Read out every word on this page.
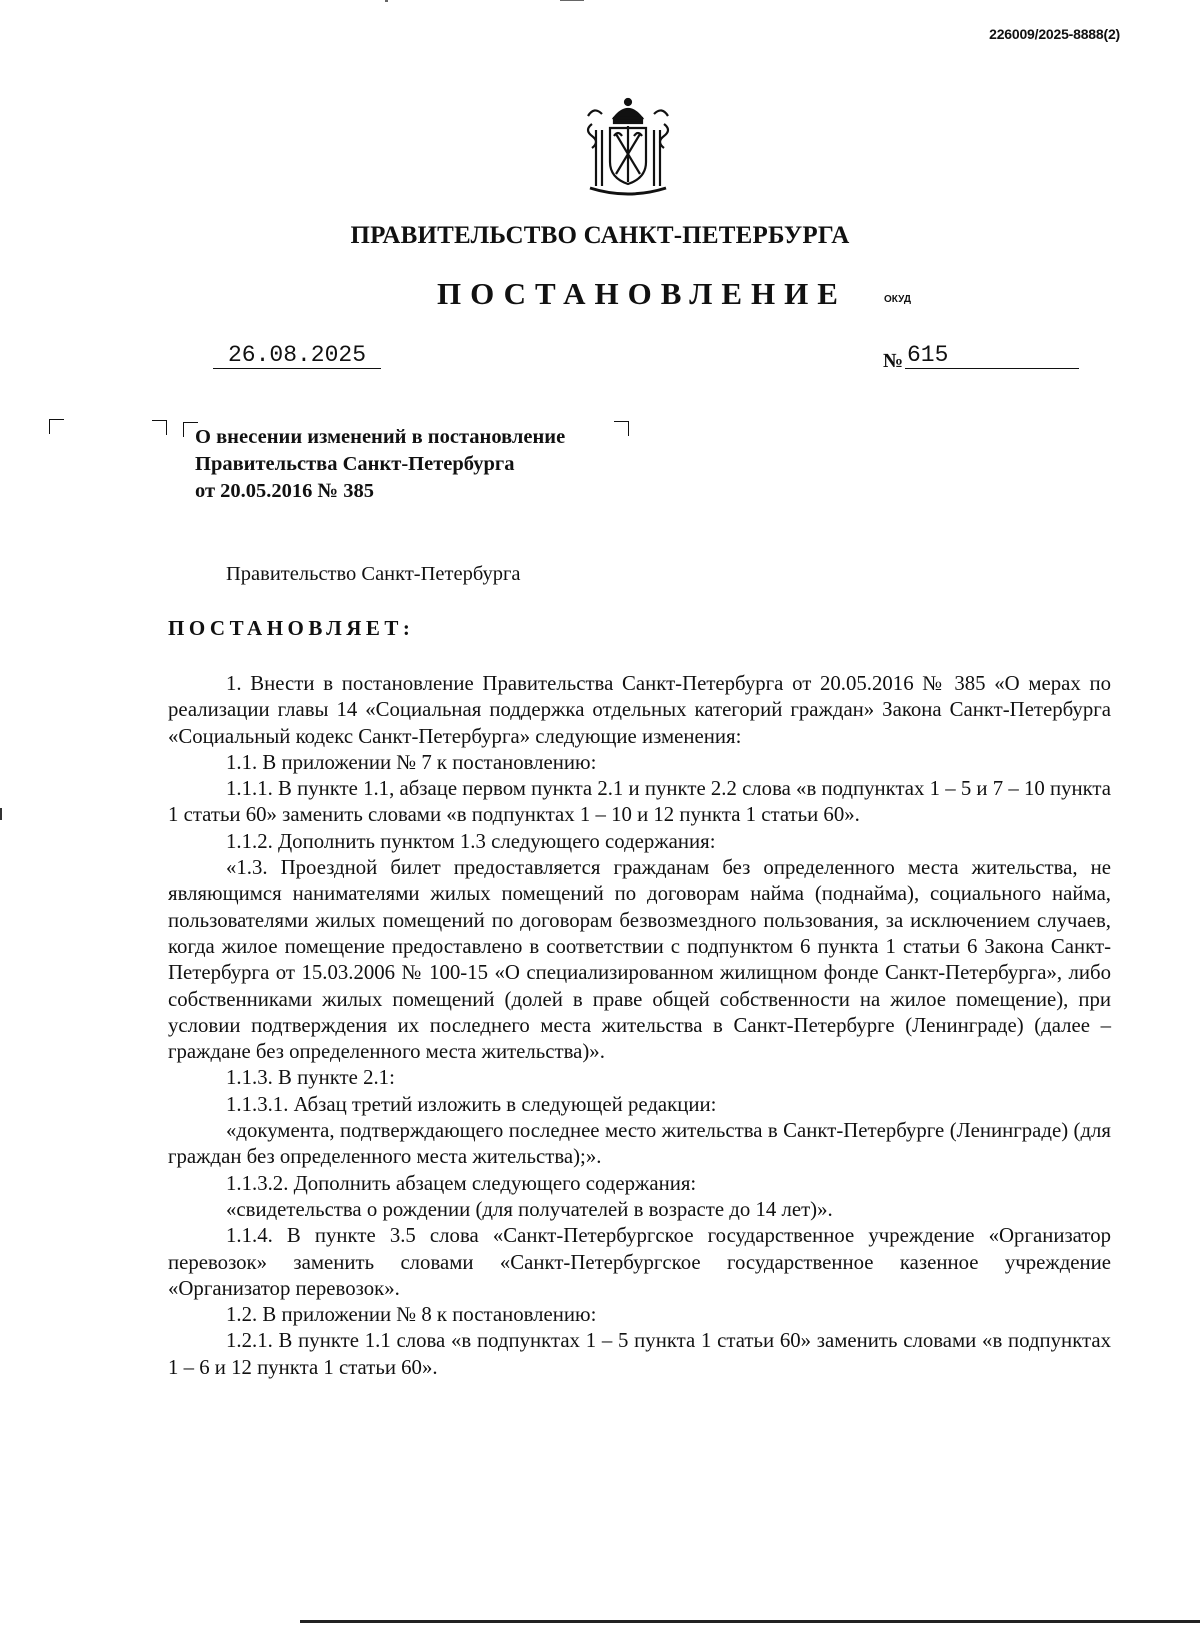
226009/2025-8888(2)
ПРАВИТЕЛЬСТВО САНКТ-ПЕТЕРБУРГА
ПОСТАНОВЛЕНИЕ	ОКУД
26.08.2025	№ 615
О внесении изменений в постановление
Правительства Санкт-Петербурга
от 20.05.2016 № 385
Правительство Санкт-Петербурга
ПОСТАНОВЛЯЕТ:

1. Внести в постановление Правительства Санкт-Петербурга от 20.05.2016 № 385 «О мерах по реализации главы 14 «Социальная поддержка отдельных категорий граждан» Закона Санкт-Петербурга «Социальный кодекс Санкт-Петербурга» следующие изменения:

1.1. В приложении № 7 к постановлению:

1.1.1. В пункте 1.1, абзаце первом пункта 2.1 и пункте 2.2 слова «в подпунктах 1 – 5 и 7 – 10 пункта 1 статьи 60» заменить словами «в подпунктах 1 – 10 и 12 пункта 1 статьи 60».

1.1.2. Дополнить пунктом 1.3 следующего содержания:

«1.3. Проездной билет предоставляется гражданам без определенного места жительства, не являющимся нанимателями жилых помещений по договорам найма (поднайма), социального найма, пользователями жилых помещений по договорам безвозмездного пользования, за исключением случаев, когда жилое помещение предоставлено в соответствии с подпунктом 6 пункта 1 статьи 6 Закона Санкт-Петербурга от 15.03.2006 № 100-15 «О специализированном жилищном фонде Санкт-Петербурга», либо собственниками жилых помещений (долей в праве общей собственности на жилое помещение), при условии подтверждения их последнего места жительства в Санкт-Петербурге (Ленинграде) (далее – граждане без определенного места жительства)».

1.1.3. В пункте 2.1:

1.1.3.1. Абзац третий изложить в следующей редакции:

«документа, подтверждающего последнее место жительства в Санкт-Петербурге (Ленинграде) (для граждан без определенного места жительства);».

1.1.3.2. Дополнить абзацем следующего содержания:

«свидетельства о рождении (для получателей в возрасте до 14 лет)».

1.1.4. В пункте 3.5 слова «Санкт-Петербургское государственное учреждение «Организатор перевозок» заменить словами «Санкт-Петербургское государственное казенное учреждение «Организатор перевозок».

1.2. В приложении № 8 к постановлению:

1.2.1. В пункте 1.1 слова «в подпунктах 1 – 5 пункта 1 статьи 60» заменить словами «в подпунктах 1 – 6 и 12 пункта 1 статьи 60».
